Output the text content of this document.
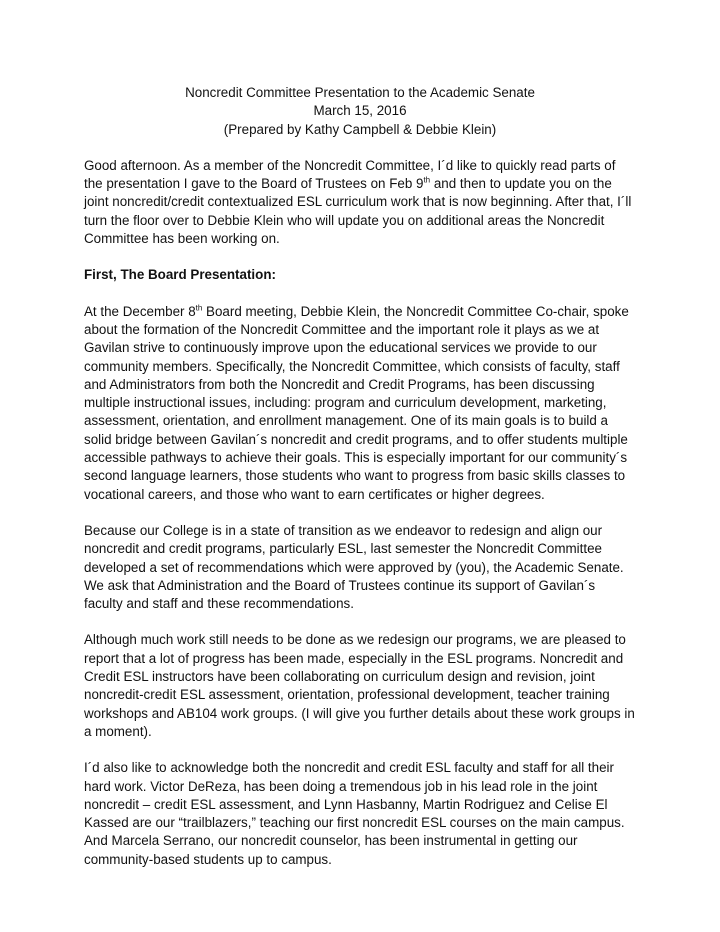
Noncredit Committee Presentation to the Academic Senate
March 15, 2016
(Prepared by Kathy Campbell & Debbie Klein)

Good afternoon. As a member of the Noncredit Committee, I´d like to quickly read parts of the presentation I gave to the Board of Trustees on Feb 9th and then to update you on the joint noncredit/credit contextualized ESL curriculum work that is now beginning. After that, I´ll turn the floor over to Debbie Klein who will update you on additional areas the Noncredit Committee has been working on.

First, The Board Presentation:

At the December 8th Board meeting, Debbie Klein, the Noncredit Committee Co-chair, spoke about the formation of the Noncredit Committee and the important role it plays as we at Gavilan strive to continuously improve upon the educational services we provide to our community members. Specifically, the Noncredit Committee, which consists of faculty, staff and Administrators from both the Noncredit and Credit Programs, has been discussing multiple instructional issues, including: program and curriculum development, marketing, assessment, orientation, and enrollment management. One of its main goals is to build a solid bridge between Gavilan´s noncredit and credit programs, and to offer students multiple accessible pathways to achieve their goals. This is especially important for our community´s second language learners, those students who want to progress from basic skills classes to vocational careers, and those who want to earn certificates or higher degrees.

Because our College is in a state of transition as we endeavor to redesign and align our noncredit and credit programs, particularly ESL, last semester the Noncredit Committee developed a set of recommendations which were approved by (you), the Academic Senate. We ask that Administration and the Board of Trustees continue its support of Gavilan´s faculty and staff and these recommendations.

Although much work still needs to be done as we redesign our programs, we are pleased to report that a lot of progress has been made, especially in the ESL programs. Noncredit and Credit ESL instructors have been collaborating on curriculum design and revision, joint noncredit-credit ESL assessment, orientation, professional development, teacher training workshops and AB104 work groups. (I will give you further details about these work groups in a moment).

I´d also like to acknowledge both the noncredit and credit ESL faculty and staff for all their hard work. Victor DeReza, has been doing a tremendous job in his lead role in the joint noncredit – credit ESL assessment, and Lynn Hasbanny, Martin Rodriguez and Celise El Kassed are our “trailblazers,” teaching our first noncredit ESL courses on the main campus. And Marcela Serrano, our noncredit counselor, has been instrumental in getting our community-based students up to campus.
